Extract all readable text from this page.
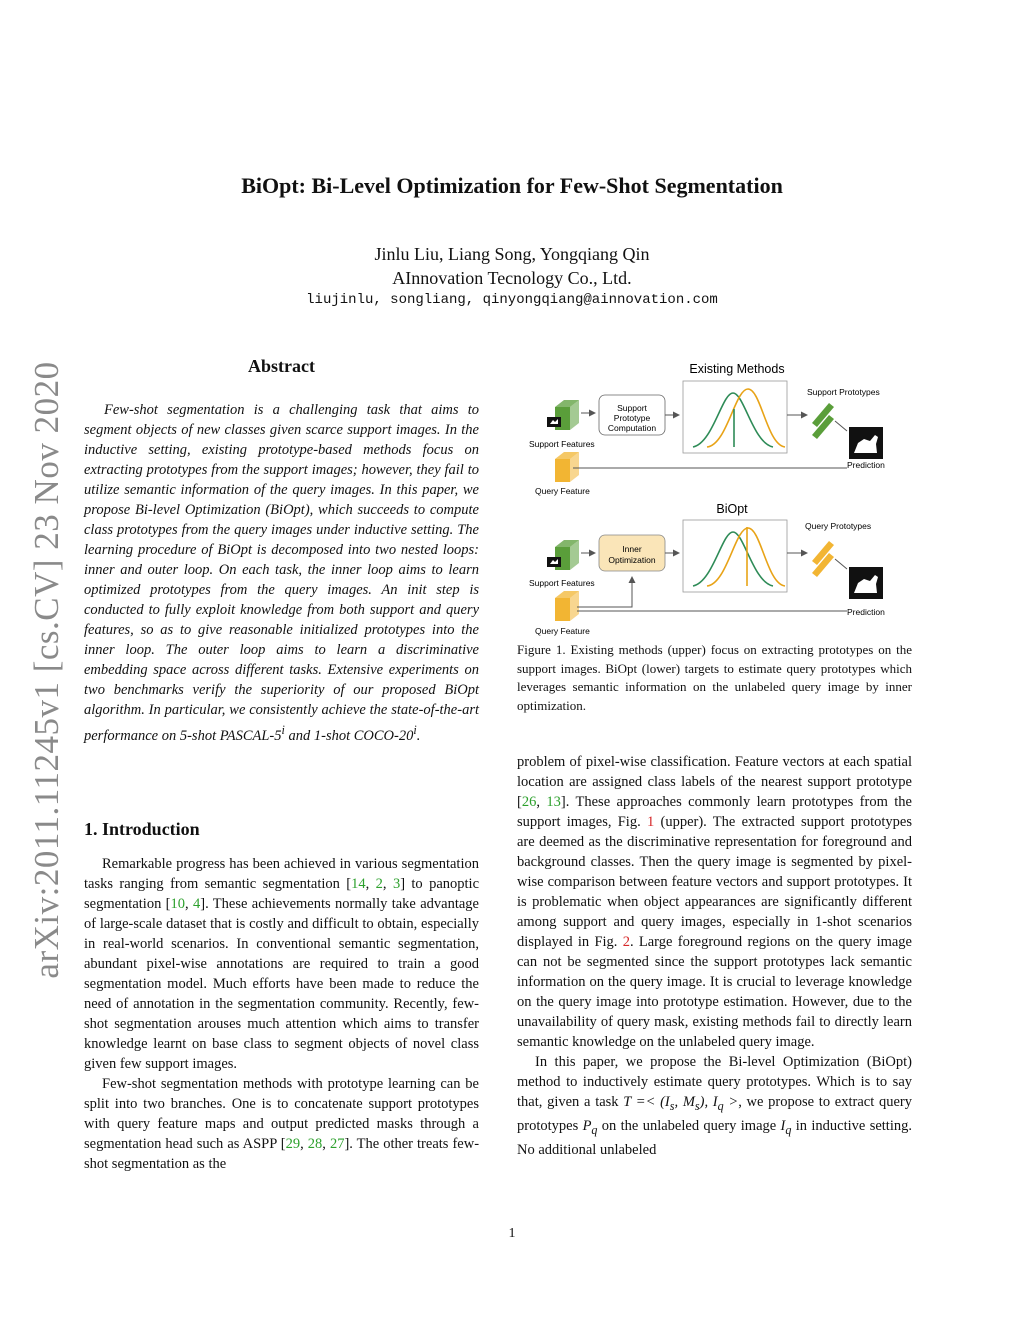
arXiv:2011.11245v1 [cs.CV] 23 Nov 2020
BiOpt: Bi-Level Optimization for Few-Shot Segmentation
Jinlu Liu, Liang Song, Yongqiang Qin
AInnovation Tecnology Co., Ltd.
liujinlu, songliang, qinyongqiang@ainnovation.com
Abstract

Few-shot segmentation is a challenging task that aims to segment objects of new classes given scarce support images. In the inductive setting, existing prototype-based methods focus on extracting prototypes from the support images; however, they fail to utilize semantic information of the query images. In this paper, we propose Bi-level Optimization (BiOpt), which succeeds to compute class prototypes from the query images under inductive setting. The learning procedure of BiOpt is decomposed into two nested loops: inner and outer loop. On each task, the inner loop aims to learn optimized prototypes from the query images. An init step is conducted to fully exploit knowledge from both support and query features, so as to give reasonable initialized prototypes into the inner loop. The outer loop aims to learn a discriminative embedding space across different tasks. Extensive experiments on two benchmarks verify the superiority of our proposed BiOpt algorithm. In particular, we consistently achieve the state-of-the-art performance on 5-shot PASCAL-5$^i$ and 1-shot COCO-20$^i$.

1. Introduction

Remarkable progress has been achieved in various segmentation tasks ranging from semantic segmentation [14, 2, 3] to panoptic segmentation [10, 4]. These achievements normally take advantage of large-scale dataset that is costly and difficult to obtain, especially in real-world scenarios. In conventional semantic segmentation, abundant pixel-wise annotations are required to train a good segmentation model. Much efforts have been made to reduce the need of annotation in the segmentation community. Recently, few-shot segmentation arouses much attention which aims to transfer knowledge learnt on base class to segment objects of novel class given few support images.

Few-shot segmentation methods with prototype learning can be split into two branches. One is to concatenate support prototypes with query feature maps and output predicted masks through a segmentation head such as ASPP [29, 28, 27]. The other treats few-shot segmentation as the

Existing Methods
Support Features
Query Feature
Support
Prototype
Computation
Support Prototypes
Prediction
BiOpt
Support Features
Query Feature
Inner
Optimization
Query Prototypes
Prediction

Figure 1. Existing methods (upper) focus on extracting prototypes on the support images. BiOpt (lower) targets to estimate query prototypes which leverages semantic information on the unlabeled query image by inner optimization.

problem of pixel-wise classification. Feature vectors at each spatial location are assigned class labels of the nearest support prototype [26, 13]. These approaches commonly learn prototypes from the support images, Fig. 1 (upper). The extracted support prototypes are deemed as the discriminative representation for foreground and background classes. Then the query image is segmented by pixel-wise comparison between feature vectors and support prototypes. It is problematic when object appearances are significantly different among support and query images, especially in 1-shot scenarios displayed in Fig. 2. Large foreground regions on the query image can not be segmented since the support prototypes lack semantic information on the query image. It is crucial to leverage knowledge on the query image into prototype estimation. However, due to the unavailability of query mask, existing methods fail to directly learn semantic knowledge on the unlabeled query image.

In this paper, we propose the Bi-level Optimization (BiOpt) method to inductively estimate query prototypes. Which is to say that, given a task $T =< (I_s$, $M_s$), $I_q$ >, we propose to extract query prototypes $P_q$ on the unlabeled query image $I_q$ in inductive setting. No additional unlabeled

1
